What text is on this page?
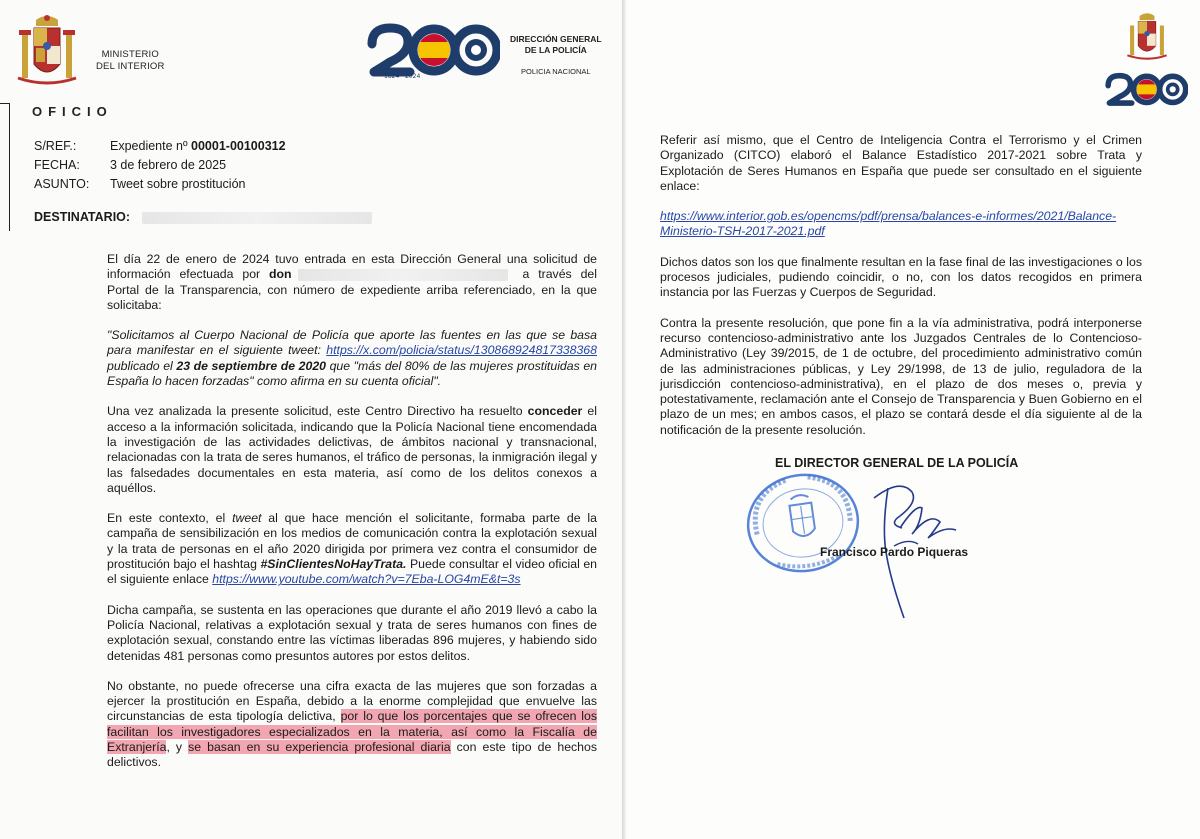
MINISTERIO
DEL INTERIOR
1824 · 2024
DIRECCIÓN GENERAL
DE LA POLICÍA
POLICIA NACIONAL
OFICIO
S/REF.:	Expediente nº 00001-00100312
FECHA:	3 de febrero de 2025
ASUNTO:	Tweet sobre prostitución
DESTINATARIO:

El día 22 de enero de 2024 tuvo entrada en esta Dirección General una solicitud de información efectuada por don	a través del Portal de la Transparencia, con número de expediente arriba referenciado, en la que solicitaba:

"Solicitamos al Cuerpo Nacional de Policía que aporte las fuentes en las que se basa para manifestar en el siguiente tweet: https://x.com/policia/status/1308689248173383​68 publicado el 23 de septiembre de 2020 que "más del 80% de las mujeres prostituidas en España lo hacen forzadas" como afirma en su cuenta oficial".

Una vez analizada la presente solicitud, este Centro Directivo ha resuelto conceder el acceso a la información solicitada, indicando que la Policía Nacional tiene encomendada la investigación de las actividades delictivas, de ámbitos nacional y transnacional, relacionadas con la trata de seres humanos, el tráfico de personas, la inmigración ilegal y las falsedades documentales en esta materia, así como de los delitos conexos a aquéllos.

En este contexto, el tweet al que hace mención el solicitante, formaba parte de la campaña de sensibilización en los medios de comunicación contra la explotación sexual y la trata de personas en el año 2020 dirigida por primera vez contra el consumidor de prostitución bajo el hashtag #SinClientesNoHayTrata. Puede consultar el video oficial en el siguiente enlace https://www.youtube.com/watch?v=7Eba-LOG4mE&t=3s

Dicha campaña, se sustenta en las operaciones que durante el año 2019 llevó a cabo la Policía Nacional, relativas a explotación sexual y trata de seres humanos con fines de explotación sexual, constando entre las víctimas liberadas 896 mujeres, y habiendo sido detenidas 481 personas como presuntos autores por estos delitos.

No obstante, no puede ofrecerse una cifra exacta de las mujeres que son forzadas a ejercer la prostitución en España, debido a la enorme complejidad que envuelve las circunstancias de esta tipología delictiva, por lo que los porcentajes que se ofrecen los facilitan los investigadores especializados en la materia, así como la Fiscalía de Extranjería, y se basan en su experiencia profesional diaria con este tipo de hechos delictivos.

Referir así mismo, que el Centro de Inteligencia Contra el Terrorismo y el Crimen Organizado (CITCO) elaboró el Balance Estadístico 2017-2021 sobre Trata y Explotación de Seres Humanos en España que puede ser consultado en el siguiente enlace:

https://www.interior.gob.es/opencms/pdf/prensa/balances-e-informes/2021/Balance-Ministerio-TSH-2017-2021.pdf

Dichos datos son los que finalmente resultan en la fase final de las investigaciones o los procesos judiciales, pudiendo coincidir, o no, con los datos recogidos en primera instancia por las Fuerzas y Cuerpos de Seguridad.

Contra la presente resolución, que pone fin a la vía administrativa, podrá interponerse recurso contencioso-administrativo ante los Juzgados Centrales de lo Contencioso-Administrativo (Ley 39/2015, de 1 de octubre, del procedimiento administrativo común de las administraciones públicas, y Ley 29/1998, de 13 de julio, reguladora de la jurisdicción contencioso-administrativa), en el plazo de dos meses o, previa y potestativamente, reclamación ante el Consejo de Transparencia y Buen Gobierno en el plazo de un mes; en ambos casos, el plazo se contará desde el día siguiente al de la notificación de la presente resolución.

EL DIRECTOR GENERAL DE LA POLICÍA
Francisco Pardo Piqueras
